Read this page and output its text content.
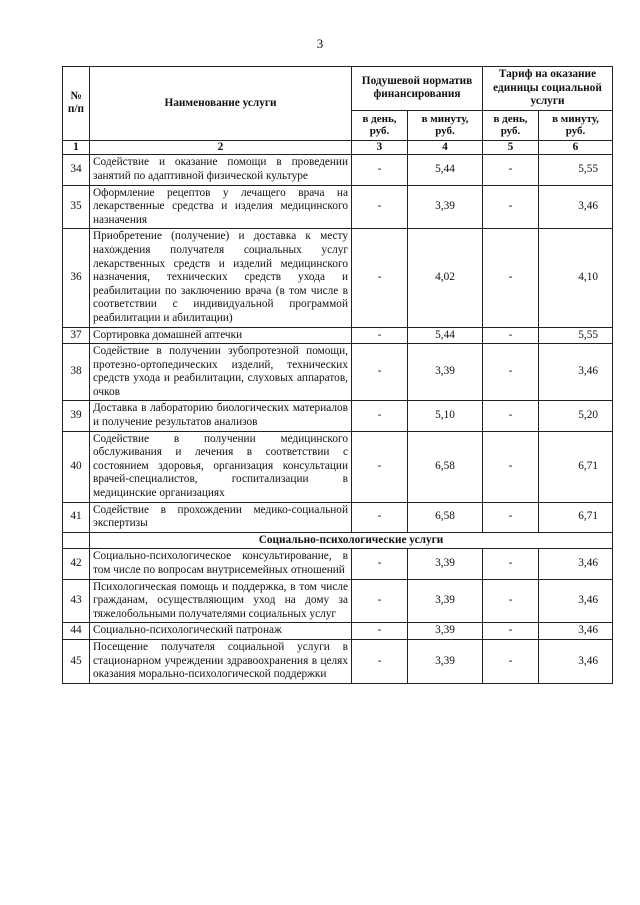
3
№ п/п	Наименование услуги	Подушевой норматив финансирования		Тариф на оказание единицы социальной услуги	
		в день, руб.	в минуту, руб.	в день, руб.	в минуту, руб.
1	2	3	4	5	6
34	Содействие и оказание помощи в проведении занятий по адаптивной физической культуре	-	5,44	-	5,55
35	Оформление рецептов у лечащего врача на лекарственные средства и изделия медицинского назначения	-	3,39	-	3,46
36	Приобретение (получение) и доставка к месту нахождения получателя социальных услуг лекарственных средств и изделий медицинского назначения, технических средств ухода и реабилитации по заключению врача (в том числе в соответствии с индивидуальной программой реабилитации и абилитации)	-	4,02	-	4,10
37	Сортировка домашней аптечки	-	5,44	-	5,55
38	Содействие в получении зубопротезной помощи, протезно-ортопедических изделий, технических средств ухода и реабилитации, слуховых аппаратов, очков	-	3,39	-	3,46
39	Доставка в лабораторию биологических материалов и получение результатов анализов	-	5,10	-	5,20
40	Содействие в получении медицинского обслуживания и лечения в соответствии с состоянием здоровья, организация консультации врачей-специалистов, госпитализации в медицинские организациях	-	6,58	-	6,71
41	Содействие в прохождении медико-социальной экспертизы	-	6,58	-	6,71
	Социально-психологические услуги				
42	Социально-психологическое консультирование, в том числе по вопросам внутрисемейных отношений	-	3,39	-	3,46
43	Психологическая помощь и поддержка, в том числе гражданам, осуществляющим уход на дому за тяжелобольными получателями социальных услуг	-	3,39	-	3,46
44	Социально-психологический патронаж	-	3,39	-	3,46
45	Посещение получателя социальной услуги в стационарном учреждении здравоохранения в целях оказания морально-психологической поддержки	-	3,39	-	3,46
